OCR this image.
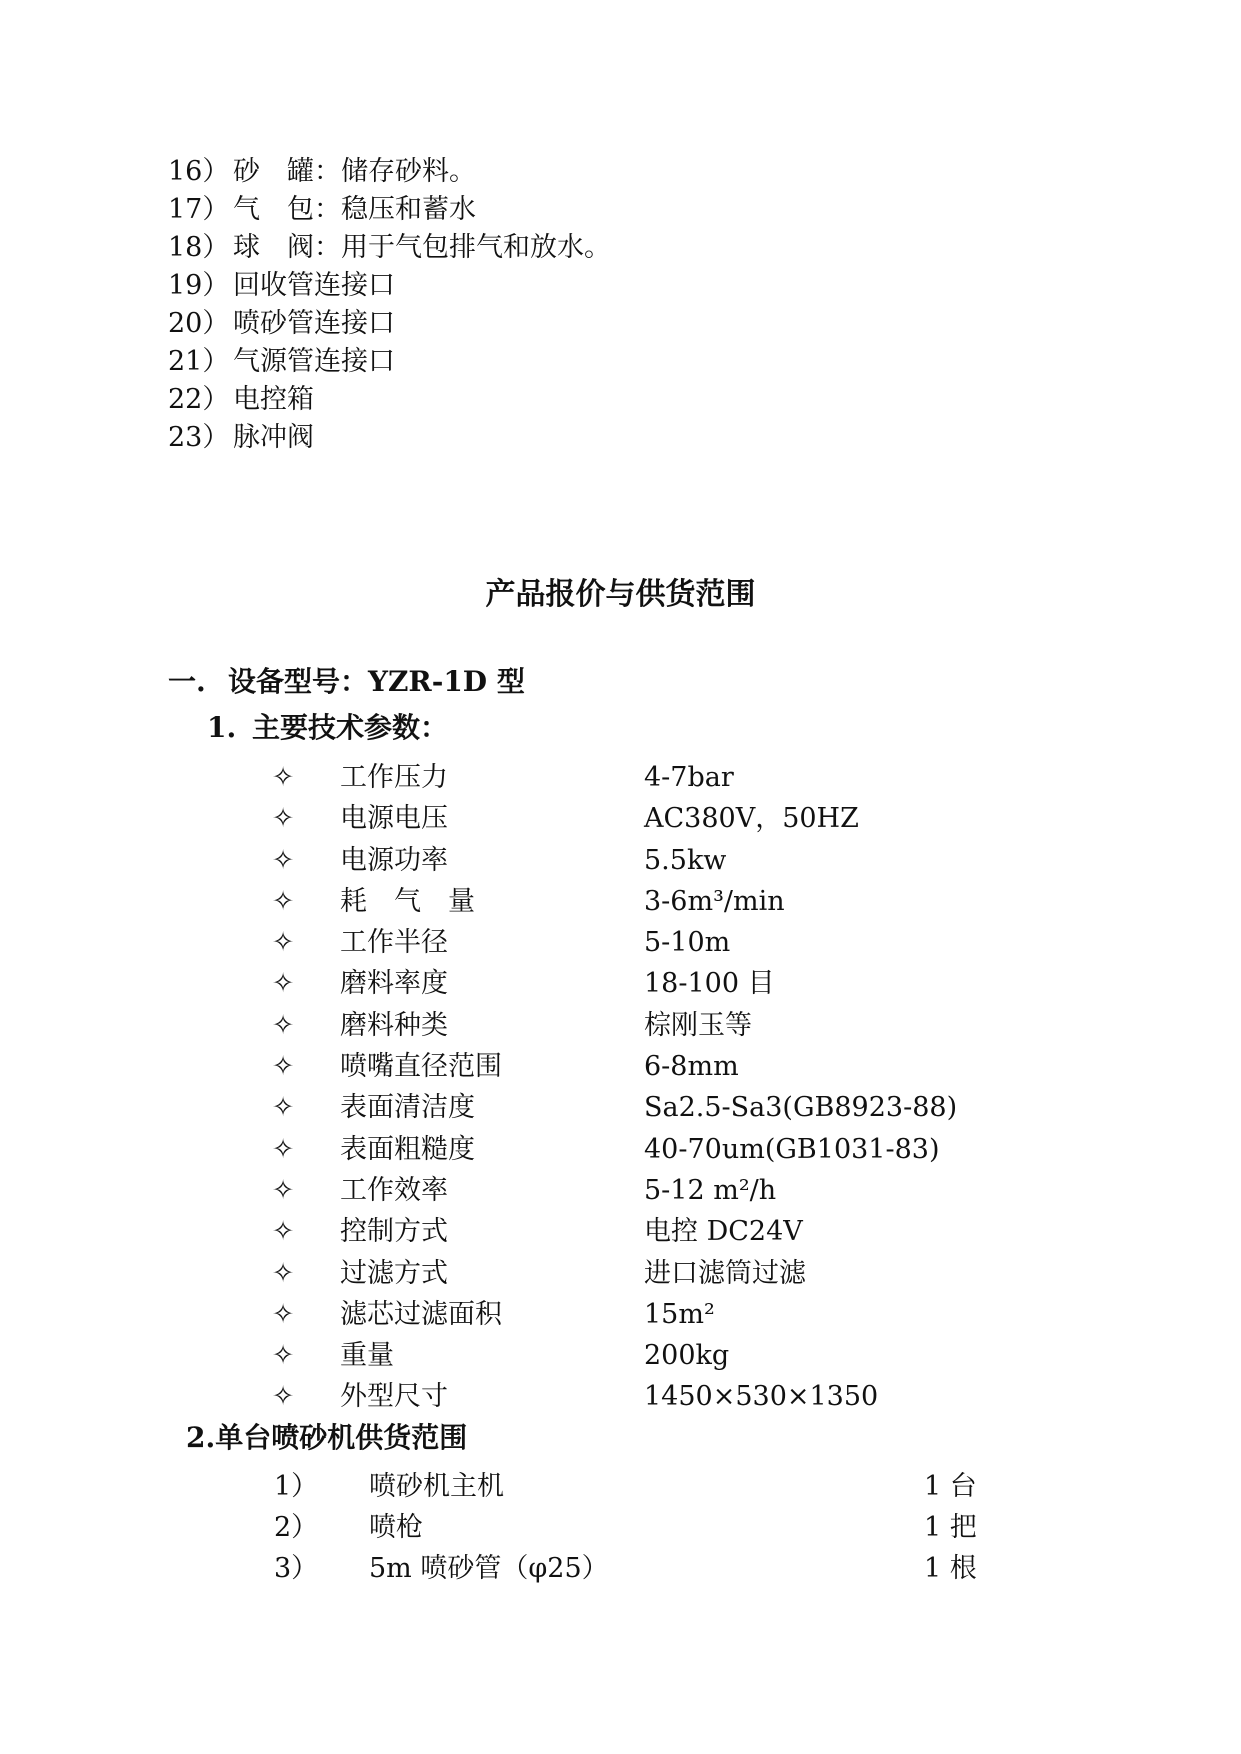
16） 砂　罐：储存砂料。
17） 气　包：稳压和蓄水
18） 球　阀：用于气包排气和放水。
19） 回收管连接口
20） 喷砂管连接口
21） 气源管连接口
22） 电控箱
23） 脉冲阀
产品报价与供货范围
一. 设备型号：YZR-1D 型
1. 主要技术参数：
✧ 工作压力	4-7bar
✧ 电源电压	AC380V，50HZ
✧ 电源功率	5.5kw
✧ 耗　气　量	3-6m³/min
✧ 工作半径	5-10m
✧ 磨料率度	18-100 目
✧ 磨料种类	棕刚玉等
✧ 喷嘴直径范围	6-8mm
✧ 表面清洁度	Sa2.5-Sa3(GB8923-88)
✧ 表面粗糙度	40-70um(GB1031-83)
✧ 工作效率	5-12 m²/h
✧ 控制方式	电控 DC24V
✧ 过滤方式	进口滤筒过滤
✧ 滤芯过滤面积	15m²
✧ 重量	200kg
✧ 外型尺寸	1450×530×1350
2.单台喷砂机供货范围
1） 喷砂机主机	1 台
2） 喷枪	1 把
3） 5m 喷砂管（φ25）	1 根
